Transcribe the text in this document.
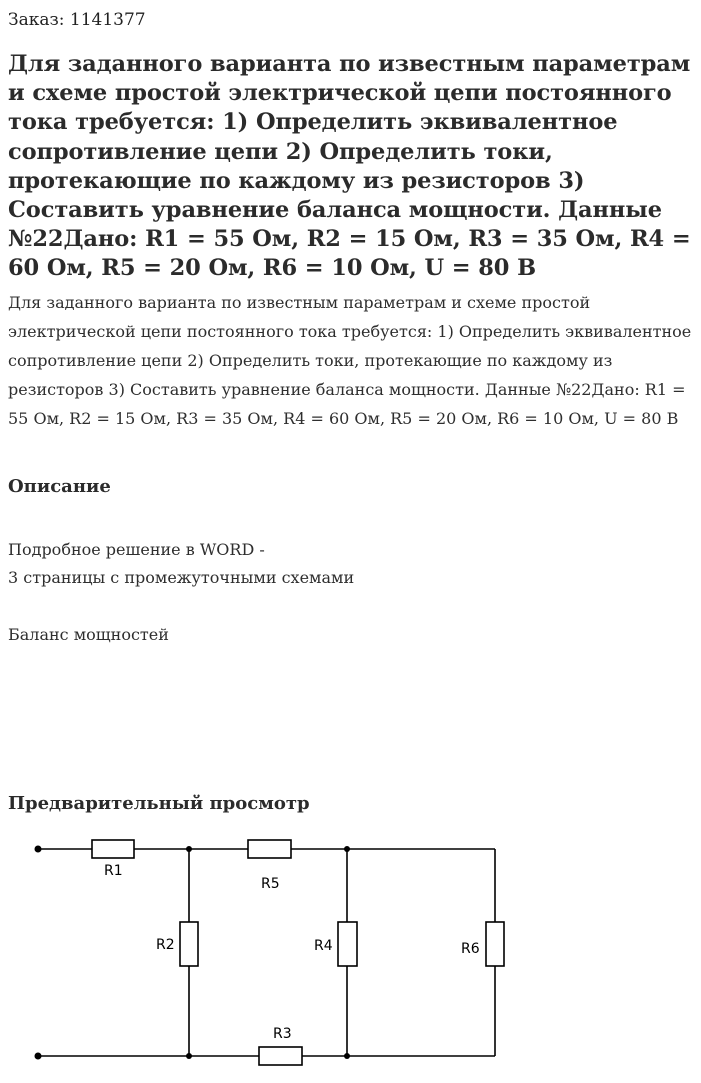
Заказ: 1141377
Для заданного варианта по известным параметрам и схеме простой электрической цепи постоянного тока требуется: 1) Определить эквивалентное сопротивление цепи 2) Определить токи, протекающие по каждому из резисторов 3) Составить уравнение баланса мощности. Данные №22Дано: R1 = 55 Ом, R2 = 15 Ом, R3 = 35 Ом, R4 = 60 Ом, R5 = 20 Ом, R6 = 10 Ом, U = 80 В
Для заданного варианта по известным параметрам и схеме простой электрической цепи постоянного тока требуется: 1) Определить эквивалентное сопротивление цепи 2) Определить токи, протекающие по каждому из резисторов 3) Составить уравнение баланса мощности. Данные №22Дано: R1 = 55 Ом, R2 = 15 Ом, R3 = 35 Ом, R4 = 60 Ом, R5 = 20 Ом, R6 = 10 Ом, U = 80 В
Описание
Подробное решение в WORD -
3 страницы с промежуточными схемами
Баланс мощностей
Предварительный просмотр
R1
R5
R2	R4	R6
R3
